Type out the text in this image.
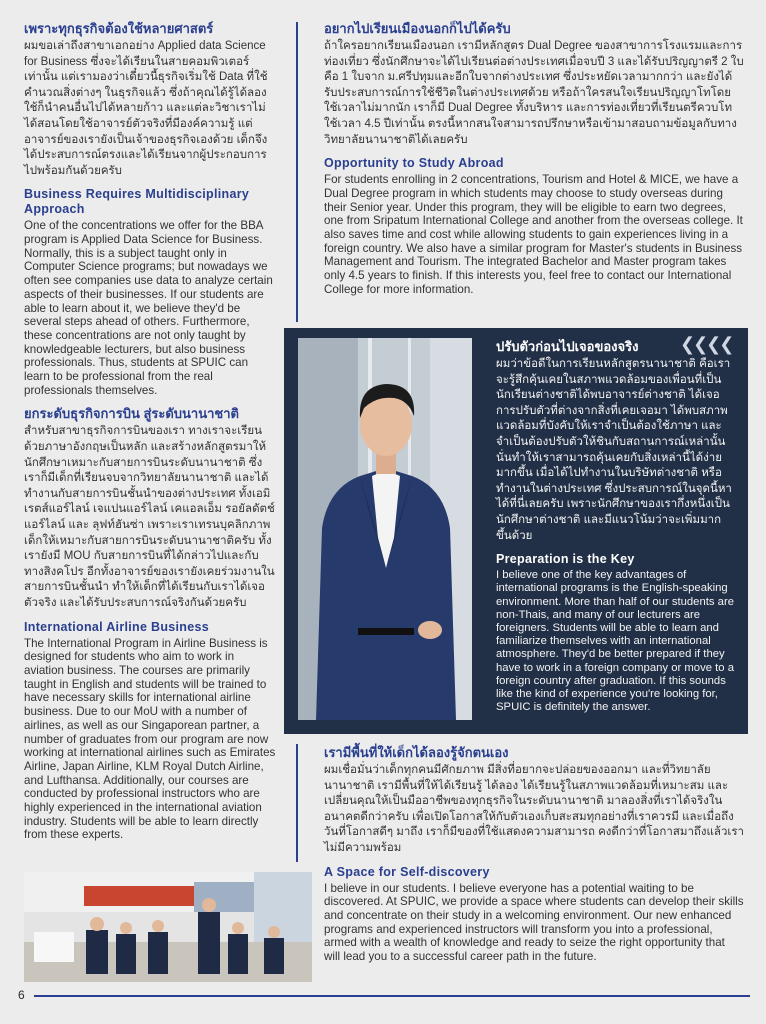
เพราะทุกธุรกิจต้องใช้หลายศาสตร์

ผมขอเล่าถึงสาขาเอกอย่าง Applied data Science for Business ซึ่งจะได้เรียนในสายคอมพิวเตอร์เท่านั้น แต่เรามองว่าเดี๋ยวนี้ธุรกิจเริ่มใช้ Data ที่ใช้คำนวณสิ่งต่างๆ ในธุรกิจแล้ว ซึ่งถ้าคุณได้รู้ได้ลองใช้ก็นำคนอื่นไปได้หลายก้าว และแต่ละวิชาเราไม่ได้สอนโดยใช้อาจารย์ตัวจริงที่มีองค์ความรู้ แต่อาจารย์ของเรายังเป็นเจ้าของธุรกิจเองด้วย เด็กจึงได้ประสบการณ์ตรงและได้เรียนจากผู้ประกอบการไปพร้อมกันด้วยครับ

Business Requires Multidisciplinary Approach

One of the concentrations we offer for the BBA program is Applied Data Science for Business. Normally, this is a subject taught only in Computer Science programs; but nowadays we often see companies use data to analyze certain aspects of their businesses. If our students are able to learn about it, we believe they'd be several steps ahead of others. Furthermore, these concentrations are not only taught by knowledgeable lecturers, but also business professionals. Thus, students at SPUIC can learn to be professional from the real professionals themselves.

ยกระดับธุรกิจการบิน สู่ระดับนานาชาติ

สำหรับสาขาธุรกิจการบินของเรา ทางเราจะเรียนด้วยภาษาอังกฤษเป็นหลัก และสร้างหลักสูตรมาให้นักศึกษาเหมาะกับสายการบินระดับนานาชาติ ซึ่งเราก็มีเด็กที่เรียนจบจากวิทยาลัยนานาชาติ และได้ทำงานกับสายการบินชั้นนำของต่างประเทศ ทั้งเอมิเรตส์แอร์ไลน์ เจแปนแอร์ไลน์ เคแอลเอ็ม รอยัลดัตช์ แอร์ไลน์ และ ลุฟท์ฮันซ่า เพราะเราเทรนบุคลิกภาพเด็กให้เหมาะกับสายการบินระดับนานาชาติครับ ทั้งเรายังมี MOU กับสายการบินที่ได้กล่าวไปและกับทางสิงคโปร อีกทั้งอาจารย์ของเรายังเคยร่วมงานในสายการบินชั้นนำ ทำให้เด็กที่ได้เรียนกับเราได้เจอตัวจริง และได้รับประสบการณ์จริงกันด้วยครับ

International Airline Business

The International Program in Airline Business is designed for students who aim to work in aviation business. The courses are primarily taught in English and students will be trained to have necessary skills for international airline business. Due to our MoU with a number of airlines, as well as our Singaporean partner, a number of graduates from our program are now working at international airlines such as Emirates Airline, Japan Airline, KLM Royal Dutch Airline, and Lufthansa. Additionally, our courses are conducted by professional instructors who are highly experienced in the international aviation industry. Students will be able to learn directly from these experts.

อยากไปเรียนเมืองนอกก็ไปได้ครับ

ถ้าใครอยากเรียนเมืองนอก เรามีหลักสูตร Dual Degree ของสาขาการโรงแรมและการท่องเที่ยว ซึ่งนักศึกษาจะได้ไปเรียนต่อต่างประเทศเมื่อจบปี 3 และได้รับปริญญาตรี 2 ใบ คือ 1 ใบจาก ม.ศรีปทุมและอีกใบจากต่างประเทศ ซึ่งประหยัดเวลามากกว่า และยังได้รับประสบการณ์การใช้ชีวิตในต่างประเทศด้วย หรือถ้าใครสนใจเรียนปริญญาโทโดยใช้เวลาไม่มากนัก เราก็มี Dual Degree ทั้งบริหาร และการท่องเที่ยวที่เรียนตรีควบโท ใช้เวลา 4.5 ปีเท่านั้น ตรงนี้หากสนใจสามารถปรึกษาหรือเข้ามาสอบถามข้อมูลกับทางวิทยาลัยนานาชาติได้เลยครับ

Opportunity to Study Abroad

For students enrolling in 2 concentrations, Tourism and Hotel & MICE, we have a Dual Degree program in which students may choose to study overseas during their Senior year. Under this program, they will be eligible to earn two degrees, one from Sripatum International College and another from the overseas college. It also saves time and cost while allowing students to gain experiences living in a foreign country. We also have a similar program for Master's students in Business Management and Tourism. The integrated Bachelor and Master program takes only 4.5 years to finish. If this interests you, feel free to contact our International College for more information.

❮❮❮❮
ปรับตัวก่อนไปเจอของจริง

ผมว่าข้อดีในการเรียนหลักสูตรนานาชาติ คือเราจะรู้สึกคุ้นเคยในสภาพแวดล้อมของเพื่อนที่เป็นนักเรียนต่างชาติได้พบอาจารย์ต่างชาติ ได้เจอการปรับตัวที่ต่างจากสิ่งที่เคยเจอมา ได้พบสภาพแวดล้อมที่บังคับให้เราจำเป็นต้องใช้ภาษา และจำเป็นต้องปรับตัวให้ชินกับสถานการณ์เหล่านั้น นั่นทำให้เราสามารถคุ้นเคยกับสิ่งเหล่านี้ได้ง่ายมากขึ้น เมื่อได้ไปทำงานในบริษัทต่างชาติ หรือทำงานในต่างประเทศ ซึ่งประสบการณ์ในจุดนี้หาได้ที่นี่เลยครับ เพราะนักศึกษาของเรากึ่งหนึ่งเป็นนักศึกษาต่างชาติ และมีแนวโน้มว่าจะเพิ่มมากขึ้นด้วย

Preparation is the Key

I believe one of the key advantages of international programs is the English-speaking environment. More than half of our students are non-Thais, and many of our lecturers are foreigners. Students will be able to learn and familiarize themselves with an international atmosphere. They'd be better prepared if they have to work in a foreign company or move to a foreign country after graduation. If this sounds like the kind of experience you're looking for, SPUIC is definitely the answer.

เรามีพื้นที่ให้เด็กได้ลองรู้จักตนเอง

ผมเชื่อมั่นว่าเด็กทุกคนมีศักยภาพ มีสิ่งที่อยากจะปล่อยของออกมา และที่วิทยาลัยนานาชาติ เรามีพื้นที่ให้ได้เรียนรู้ ได้ลอง ได้เรียนรู้ในสภาพแวดล้อมที่เหมาะสม และเปลี่ยนคุณให้เป็นมืออาชีพของทุกธุรกิจในระดับนานาชาติ มาลองสิ่งที่เราได้จริงในอนาคตดีกว่าครับ เพื่อเปิดโอกาสให้กับตัวเองเก็บสะสมทุกอย่างที่เราควรมี และเมื่อถึงวันที่โอกาสดีๆ มาถึง เราก็มีของที่ใช้แสดงความสามารถ คงดีกว่าที่โอกาสมาถึงแล้วเราไม่มีความพร้อม

A Space for Self-discovery

I believe in our students. I believe everyone has a potential waiting to be discovered. At SPUIC, we provide a space where students can develop their skills and concentrate on their study in a welcoming environment. Our new enhanced programs and experienced instructors will transform you into a professional, armed with a wealth of knowledge and ready to seize the right opportunity that will lead you to a successful career path in the future.

6
